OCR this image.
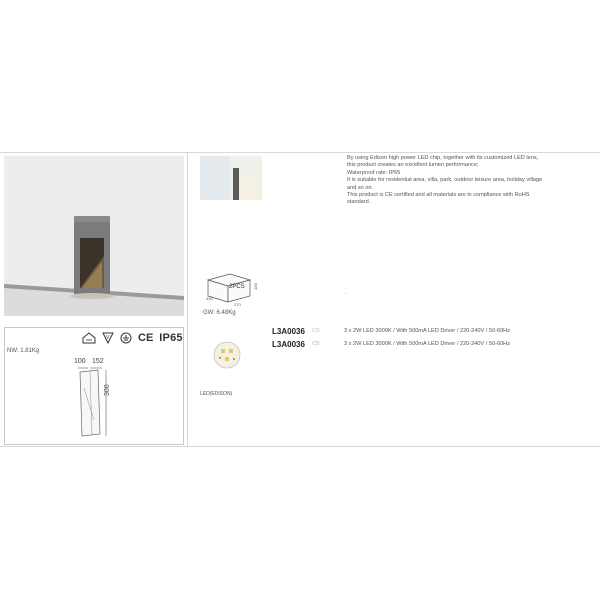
V	CE IP65
NW: 1.81Kg
100 152
300
2PCS
430
270
180
GW: 6.48Kg
LED(EDISON)

By using Edison high power LED chip, together with its customized LED lens,

this product creates an excellent lumen performance;

Waterproof rate: IP65

It is suitable for residential area, villa, park, outdoor leisure area, holiday village

and so on.

This product is CE certified and all materials are in compliance with RoHS

standard.

.
L3A0036	CS	3 x 2W LED 3000K / With 500mA LED Driver / 220-240V / 50-60Hz
L3A0036	CB	3 x 2W LED 3000K / With 500mA LED Driver / 220-240V / 50-60Hz
